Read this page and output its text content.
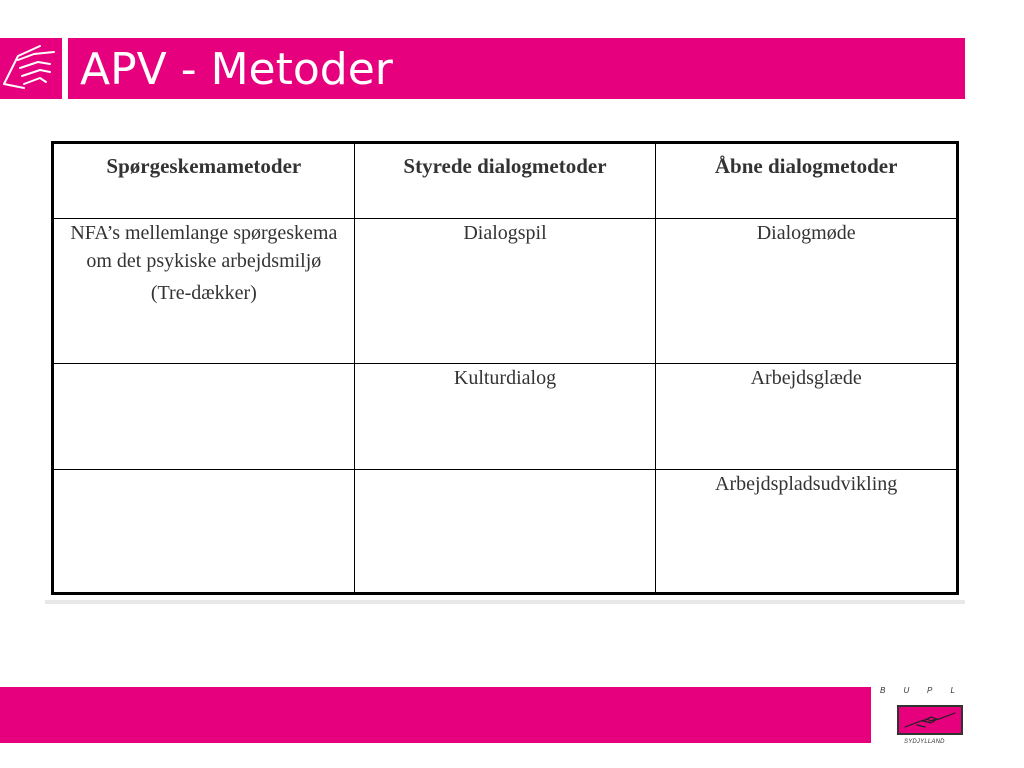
APV - Metoder
Spørgeskemametoder	Styrede dialogmetoder	Åbne dialogmetoder
NFA’s mellemlange spørgeskema om det psykiske arbejdsmiljø
(Tre-dækker)	Dialogspil	Dialogmøde
	Kulturdialog	Arbejdsglæde
		Arbejdspladsudvikling
B U P L
SYDJYLLAND
